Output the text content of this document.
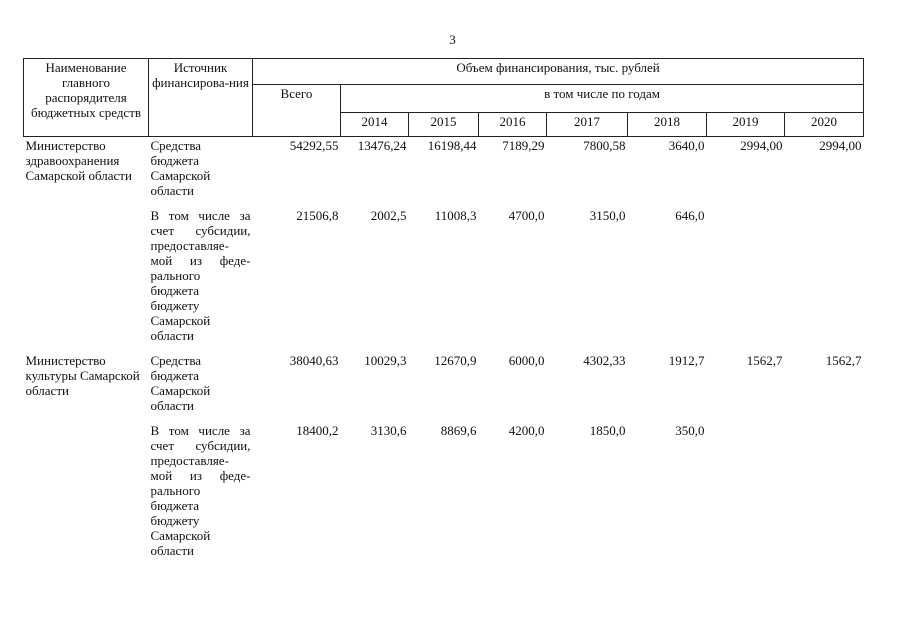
3
Наименование главного распорядителя бюджетных средств	Источник финансирова-ния	Объем финансирования, тыс. рублей							
		Всего	в том числе по годам						
			2014	2015	2016	2017	2018	2019	2020
Министерство здравоохранения Самарской области	Средства бюджета Самарской области	54292,55	13476,24	16198,44	7189,29	7800,58	3640,0	2994,00	2994,00
	В том числе за счет субсидии, предоставляе-мой из феде-рального бюджета бюджету Самарской области	21506,8	2002,5	11008,3	4700,0	3150,0	646,0		
Министерство культуры Самарской области	Средства бюджета Самарской области	38040,63	10029,3	12670,9	6000,0	4302,33	1912,7	1562,7	1562,7
	В том числе за счет субсидии, предоставляе-мой из феде-рального бюджета бюджету Самарской области	18400,2	3130,6	8869,6	4200,0	1850,0	350,0		
